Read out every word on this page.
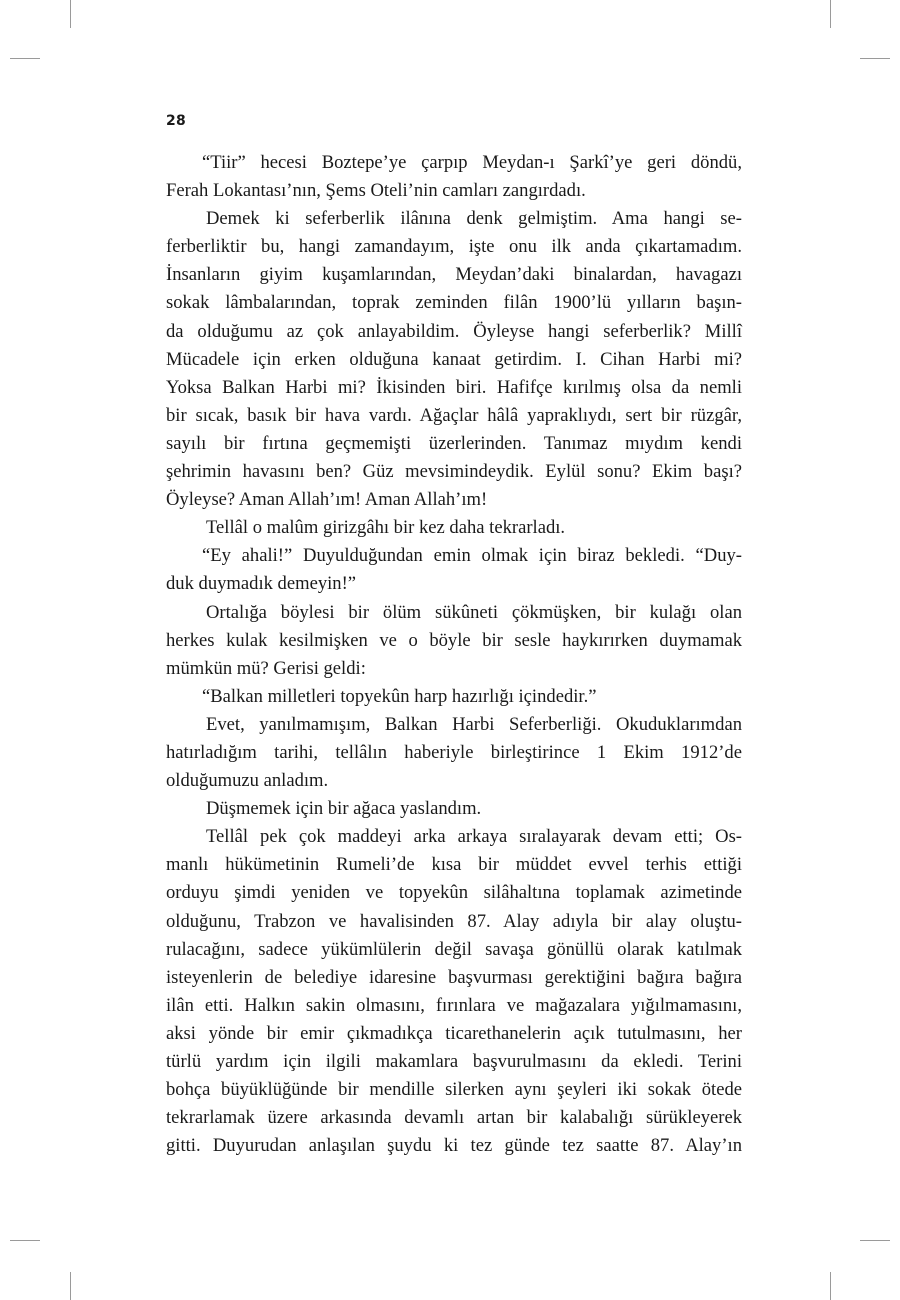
28
“Tiir” hecesi Boztepe’ye çarpıp Meydan-ı Şarkî’ye geri döndü,
Ferah Lokantası’nın, Şems Oteli’nin camları zangırdadı.
Demek ki seferberlik ilânına denk gelmiştim. Ama hangi se-
ferberliktir bu, hangi zamandayım, işte onu ilk anda çıkartamadım.
İnsanların giyim kuşamlarından, Meydan’daki binalardan, havagazı
sokak lâmbalarından, toprak zeminden filân 1900’lü yılların başın-
da olduğumu az çok anlayabildim. Öyleyse hangi seferberlik? Millî
Mücadele için erken olduğuna kanaat getirdim. I. Cihan Harbi mi?
Yoksa Balkan Harbi mi? İkisinden biri. Hafifçe kırılmış olsa da nemli
bir sıcak, basık bir hava vardı. Ağaçlar hâlâ yapraklıydı, sert bir rüzgâr,
sayılı bir fırtına geçmemişti üzerlerinden. Tanımaz mıydım kendi
şehrimin havasını ben? Güz mevsimindeydik. Eylül sonu? Ekim başı?
Öyleyse? Aman Allah’ım! Aman Allah’ım!
Tellâl o malûm girizgâhı bir kez daha tekrarladı.
“Ey ahali!” Duyulduğundan emin olmak için biraz bekledi. “Duy-
duk duymadık demeyin!”
Ortalığa böylesi bir ölüm sükûneti çökmüşken, bir kulağı olan
herkes kulak kesilmişken ve o böyle bir sesle haykırırken duymamak
mümkün mü? Gerisi geldi:
“Balkan milletleri topyekûn harp hazırlığı içindedir.”
Evet, yanılmamışım, Balkan Harbi Seferberliği. Okuduklarımdan
hatırladığım tarihi, tellâlın haberiyle birleştirince 1 Ekim 1912’de
olduğumuzu anladım.
Düşmemek için bir ağaca yaslandım.
Tellâl pek çok maddeyi arka arkaya sıralayarak devam etti; Os-
manlı hükümetinin Rumeli’de kısa bir müddet evvel terhis ettiği
orduyu şimdi yeniden ve topyekûn silâhaltına toplamak azimetinde
olduğunu, Trabzon ve havalisinden 87. Alay adıyla bir alay oluştu-
rulacağını, sadece yükümlülerin değil savaşa gönüllü olarak katılmak
isteyenlerin de belediye idaresine başvurması gerektiğini bağıra bağıra
ilân etti. Halkın sakin olmasını, fırınlara ve mağazalara yığılmamasını,
aksi yönde bir emir çıkmadıkça ticarethanelerin açık tutulmasını, her
türlü yardım için ilgili makamlara başvurulmasını da ekledi. Terini
bohça büyüklüğünde bir mendille silerken aynı şeyleri iki sokak ötede
tekrarlamak üzere arkasında devamlı artan bir kalabalığı sürükleyerek
gitti. Duyurudan anlaşılan şuydu ki tez günde tez saatte 87. Alay’ın
